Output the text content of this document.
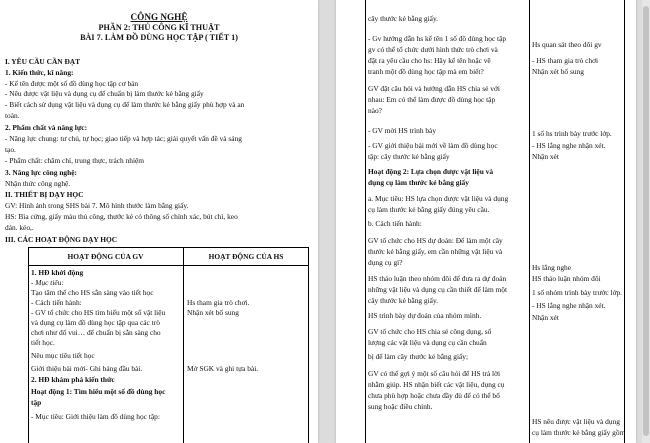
CÔNG NGHỆ
PHẦN 2: THỦ CÔNG KĨ THUẬT
BÀI 7. LÀM ĐỒ DÙNG HỌC TẬP ( TIẾT 1)
I. YÊU CẦU CẦN ĐẠT
1. Kiến thức, kĩ năng:
- Kể tên được một số đồ dùng học tập cơ bản
- Nêu được vật liệu và dụng cụ để chuẩn bị làm thước kẻ bằng giấy
- Biết cách sử dụng vật liệu và dụng cụ để làm thước kẻ bằng giấy phù hợp và an
toàn.
2. Phẩm chất và năng lực:
- Năng lực chung: tư chủ, tự học; giao tiếp và hợp tác; giải quyết vấn đề và sáng
tạo.
- Phẩm chất: chăm chỉ, trung thực, trách nhiệm
3. Năng lực công nghệ:
Nhận thức công nghệ.
II. THIẾT BỊ DẠY HỌC
GV: Hình ảnh trong SHS bài 7. Mô hình thước làm bằng giấy.
HS: Bìa cứng, giấy màu thủ công, thước kẻ có thông số chính xác, bút chì, keo
dán. kéo,.
III. CÁC HOẠT ĐỘNG DẠY HỌC
HOẠT ĐỘNG CỦA GV	HOẠT ĐỘNG CỦA HS
1. HĐ khởi động
- Mục tiêu:
Tạo tâm thế cho HS sẵn sàng vào tiết học
- Cách tiến hành:
- GV tổ chức cho HS tìm hiểu một số vật liệu
và dụng cụ làm đồ dùng học tập qua các trò
chơi như đố vui… để chuẩn bị sẵn sàng cho
tiết học.
Nêu mục tiêu tiết học
Giới thiệu bài mới- Ghi bảng đầu bài.
2. HĐ khám phá kiến thức
Hoạt động 1: Tìm hiểu một số đồ dùng học
tập
- Mục tiêu: Giới thiệu làm đồ dùng học tập:
Hs tham gia trò chơi.
Nhận xét bổ sung
Mở SGK và ghi tựa bài.
cây thước kẻ bằng giấy.
- Gv hướng dẫn hs kể tên 1 số đồ dùng học tập
gv có thể tổ chức dưới hình thức trò chơi và
đặt ra yêu cầu cho hs: Hãy kể tên hoặc vẽ
tranh một đồ dùng học tập mà em biết?
GV đặt câu hỏi và hướng dẫn HS chia sẻ với
nhau: Em có thể làm được đồ dùng học tập
nào?
- GV mời HS trình bày
- GV giới thiệu bài mới về làm đồ dùng học
tập: cây thước kẻ bằng giấy
Hoạt động 2: Lựa chọn được vật liệu và
dụng cụ làm thước kẻ bằng giấy
a. Mục tiêu: HS lựa chọn được vật liệu và dụng
cụ làm thước kẻ bằng giấy đúng yêu cầu.
b. Cách tiến hành:
GV tổ chức cho HS dự đoán: Để làm một cây
thước kẻ bằng giấy, em cần những vật liệu và
dụng cụ gì?
HS thảo luận theo nhóm đôi để đưa ra dự đoán
những vật liệu và dụng cụ cần thiết để làm một
cây thước kẻ bằng giấy.
HS trình bày dự đoán của nhóm mình.
GV tổ chức cho HS chia sẻ công dụng, số
lượng các vật liệu và dụng cụ cần chuẩn
bị để làm cây thước kẻ bằng giấy;
GV có thể gợi ý một số câu hỏi để HS trả lời
nhằm giúp. HS nhận biết các vật liệu, dụng cụ
chưa phù hợp hoặc chưa đầy đủ để có thể bổ
sung hoặc điều chỉnh.
Hs quan sát theo dõi gv
- HS tham gia trò chơi
Nhận xét bổ sung
1 số hs trình bày trước lớp.
- HS lắng nghe nhận xét.
Nhận xét
Hs lắng nghe
HS thảo luận nhóm đôi
1 số nhóm trình bày trước lớp.
- HS lắng nghe nhận xét.
Nhận xét
HS nêu được vật liệu và dụng
cụ làm thước kẻ bằng giấy gồm
